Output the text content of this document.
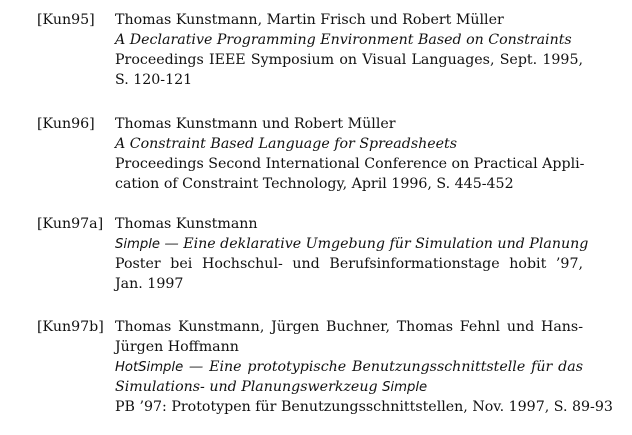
[Kun95] Thomas Kunstmann, Martin Frisch und Robert Müller
A Declarative Programming Environment Based on Constraints
Proceedings IEEE Symposium on Visual Languages, Sept. 1995,
S. 120-121
[Kun96] Thomas Kunstmann und Robert Müller
A Constraint Based Language for Spreadsheets
Proceedings Second International Conference on Practical Appli-
cation of Constraint Technology, April 1996, S. 445-452
[Kun97a] Thomas Kunstmann
Simple — Eine deklarative Umgebung für Simulation und Planung
Poster bei Hochschul- und Berufsinformationstage hobit ’97,
Jan. 1997
[Kun97b] Thomas Kunstmann, Jürgen Buchner, Thomas Fehnl und Hans-
Jürgen Hoffmann
HotSimple — Eine prototypische Benutzungsschnittstelle für das
Simulations- und Planungswerkzeug Simple
PB ’97: Prototypen für Benutzungsschnittstellen, Nov. 1997, S. 89-93
